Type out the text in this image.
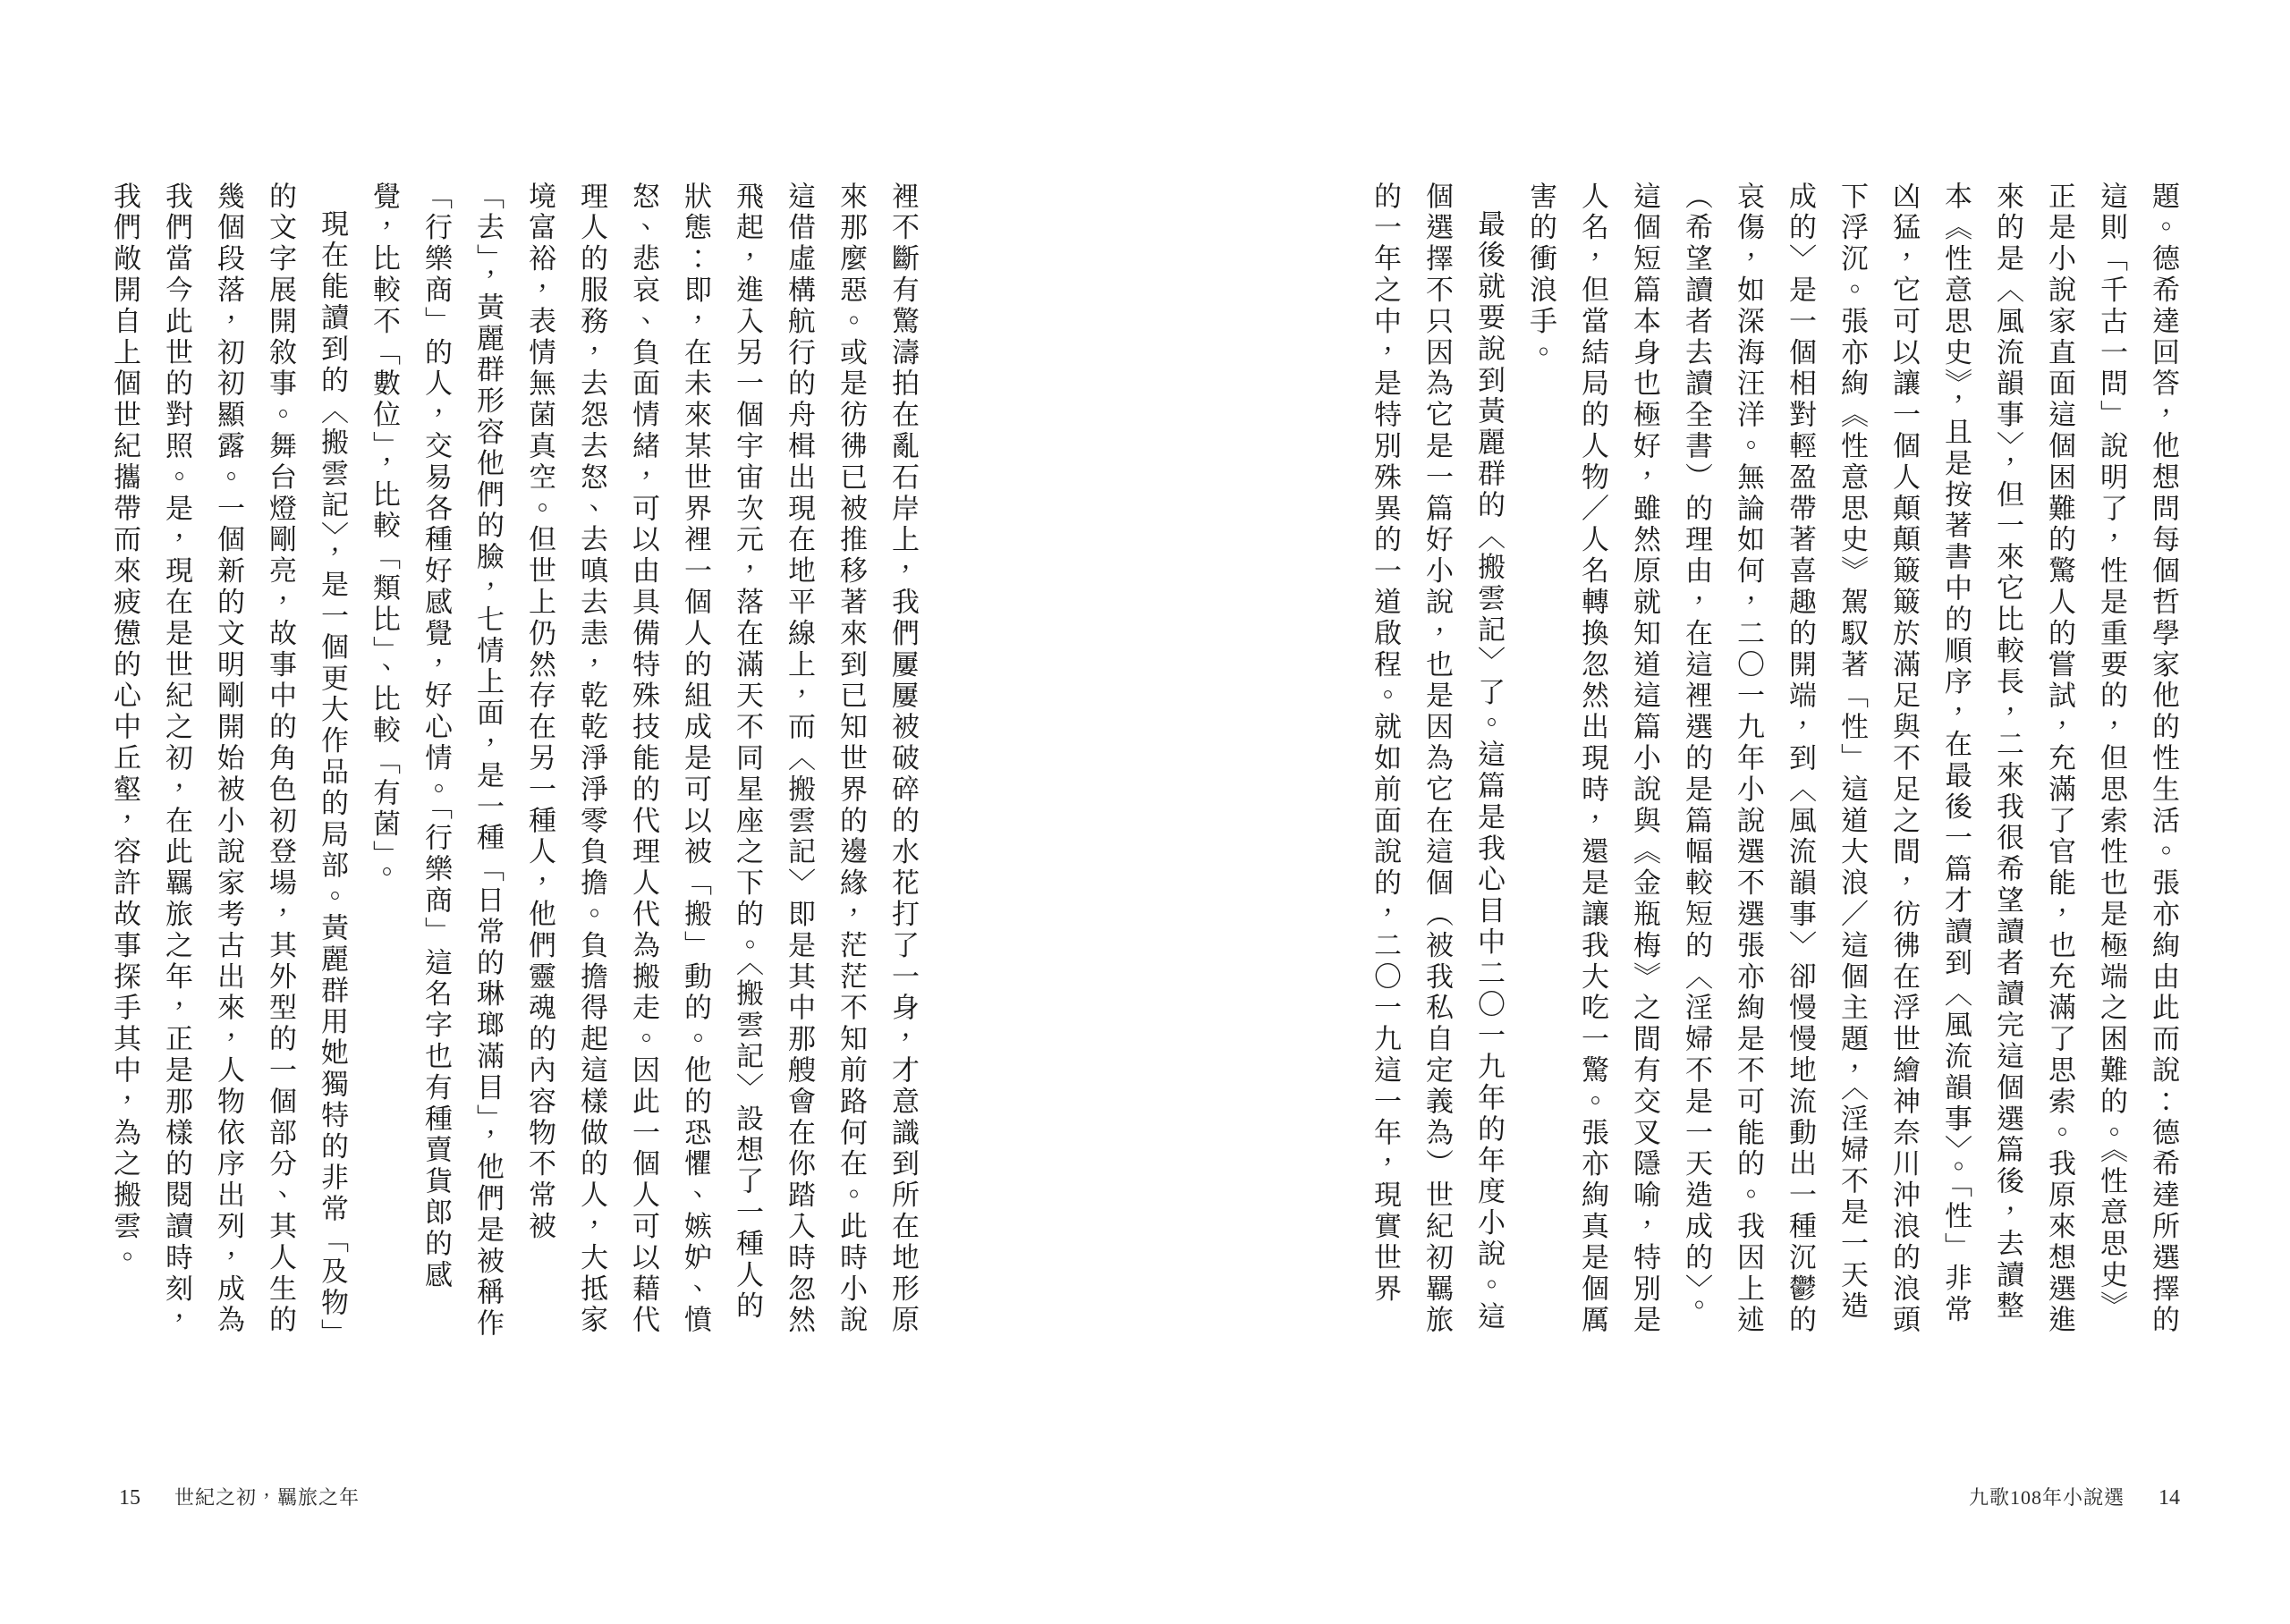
裡不斷有驚濤拍在亂石岸上，我們屢屢被破碎的水花打了一身，才意識到所在地形原來那麼惡。或是彷彿已被推移著來到已知世界的邊緣，茫茫不知前路何在。此時小說這借虛構航行的舟楫出現在地平線上，而〈搬雲記〉即是其中那艘會在你踏入時忽然飛起，進入另一個宇宙次元，落在滿天不同星座之下的。〈搬雲記〉設想了一種人的狀態：即，在未來某世界裡一個人的組成是可以被「搬」動的。他的恐懼、嫉妒、憤怒、悲哀、負面情緒，可以由具備特殊技能的代理人代為搬走。因此一個人可以藉代理人的服務，去怨去怒、去嗔去恚，乾乾淨淨零負擔。負擔得起這樣做的人，大抵家境富裕，表情無菌真空。但世上仍然存在另一種人，他們靈魂的內容物不常被「去」，黃麗群形容他們的臉，七情上面，是一種「日常的琳瑯滿目」，他們是被稱作「行樂商」的人，交易各種好感覺，好心情。「行樂商」這名字也有種賣貨郎的感覺，比較不「數位」，比較「類比」、比較「有菌」。

現在能讀到的〈搬雲記〉，是一個更大作品的局部。黃麗群用她獨特的非常「及物」的文字展開敘事。舞台燈剛亮，故事中的角色初登場，其外型的一個部分、其人生的幾個段落，初初顯露。一個新的文明剛開始被小說家考古出來，人物依序出列，成為我們當今此世的對照。是，現在是世紀之初，在此羈旅之年，正是那樣的閱讀時刻，我們敞開自上個世紀攜帶而來疲憊的心中丘壑，容許故事探手其中，為之搬雲。

15 世紀之初，羈旅之年

題。德希達回答，他想問每個哲學家他的性生活。張亦絢由此而說：德希達所選擇的這則「千古一問」說明了，性是重要的，但思索性也是極端之困難的。《性意思史》正是小說家直面這個困難的驚人的嘗試，充滿了官能，也充滿了思索。我原來想選進來的是〈風流韻事〉，但一來它比較長，二來我很希望讀者讀完這個選篇後，去讀整本《性意思史》，且是按著書中的順序，在最後一篇才讀到〈風流韻事〉。「性」非常凶猛，它可以讓一個人顛顛簸簸於滿足與不足之間，彷彿在浮世繪神奈川沖浪的浪頭下浮沉。張亦絢《性意思史》駕馭著「性」這道大浪／這個主題，〈淫婦不是一天造成的〉是一個相對輕盈帶著喜趣的開端，到〈風流韻事〉卻慢慢地流動出一種沉鬱的哀傷，如深海汪洋。無論如何，二〇一九年小說選不選張亦絢是不可能的。我因上述（希望讀者去讀全書）的理由，在這裡選的是篇幅較短的〈淫婦不是一天造成的〉。這個短篇本身也極好，雖然原就知道這篇小說與《金瓶梅》之間有交叉隱喻，特別是人名，但當結局的人物／人名轉換忽然出現時，還是讓我大吃一驚。張亦絢真是個厲害的衝浪手。

最後就要說到黃麗群的〈搬雲記〉了。這篇是我心目中二〇一九年的年度小說。這個選擇不只因為它是一篇好小說，也是因為它在這個（被我私自定義為）世紀初羈旅的一年之中，是特別殊異的一道啟程。就如前面說的，二〇一九這一年，現實世界

九歌108年小說選 14
